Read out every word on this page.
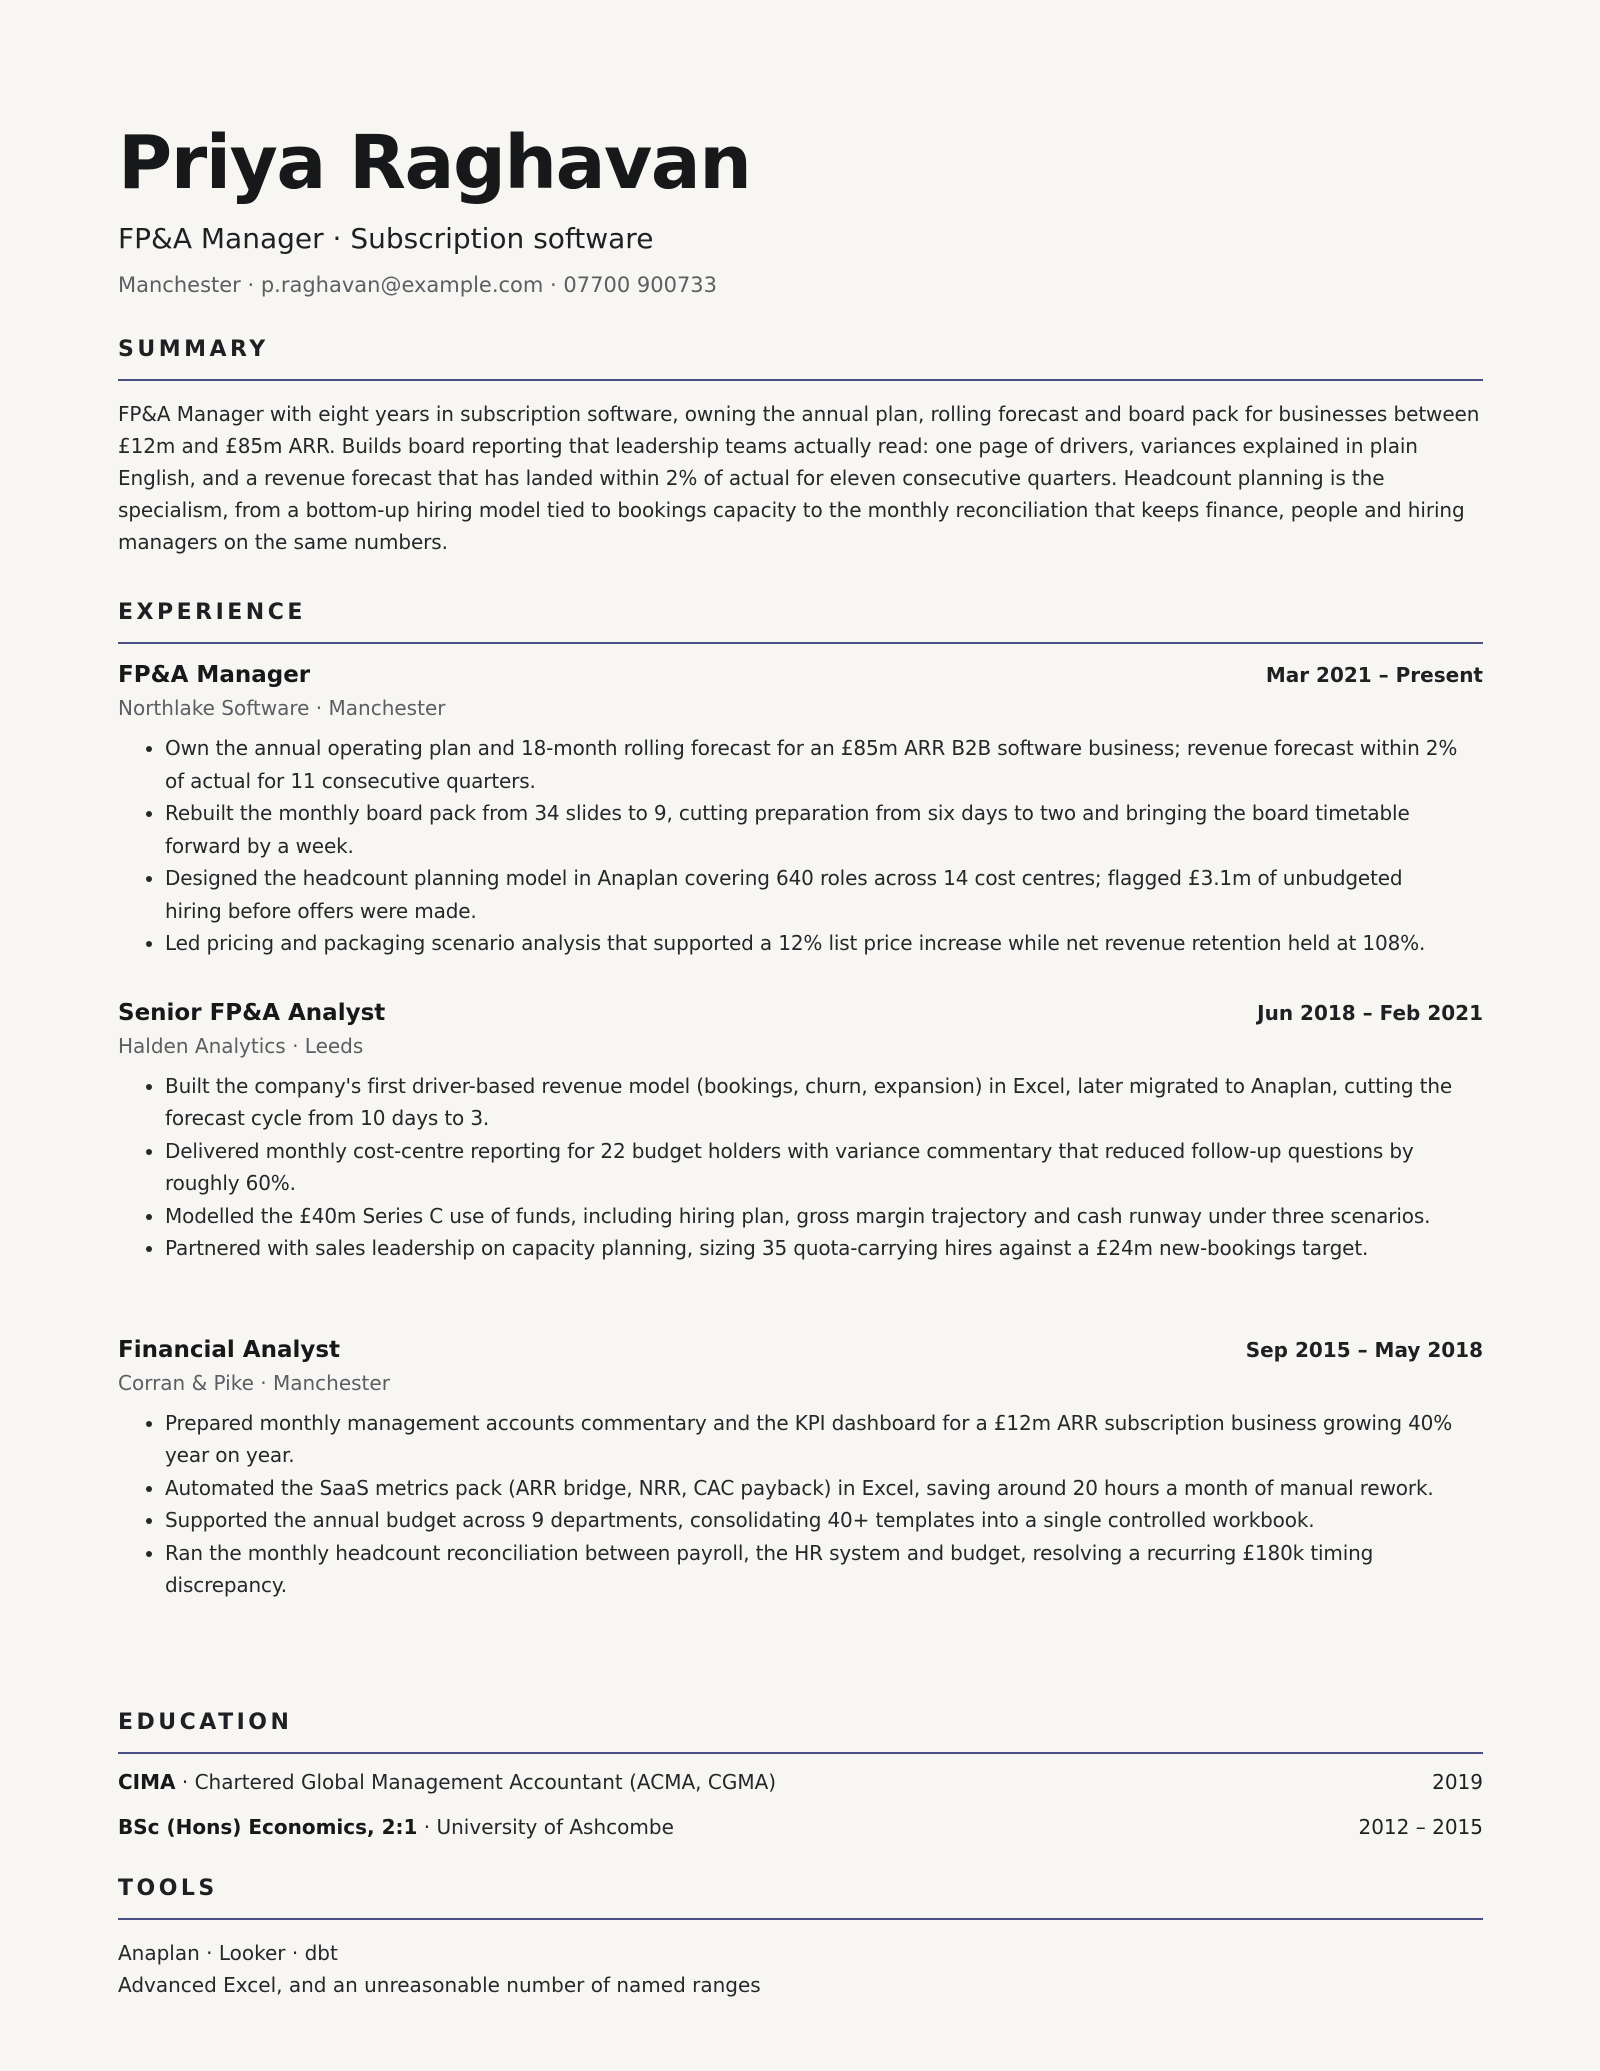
Priya Raghavan
FP&A Manager · Subscription software
Manchester · p.raghavan@example.com · 07700 900733
SUMMARY
FP&A Manager with eight years in subscription software, owning the annual plan, rolling forecast and board pack for businesses between £12m and £85m ARR. Builds board reporting that leadership teams actually read: one page of drivers, variances explained in plain English, and a revenue forecast that has landed within 2% of actual for eleven consecutive quarters. Headcount planning is the specialism, from a bottom-up hiring model tied to bookings capacity to the monthly reconciliation that keeps finance, people and hiring managers on the same numbers.
EXPERIENCE
FP&A Manager	Mar 2021 – Present
Northlake Software · Manchester
• Own the annual operating plan and 18-month rolling forecast for an £85m ARR B2B software business; revenue forecast within 2% of actual for 11 consecutive quarters.
• Rebuilt the monthly board pack from 34 slides to 9, cutting preparation from six days to two and bringing the board timetable forward by a week.
• Designed the headcount planning model in Anaplan covering 640 roles across 14 cost centres; flagged £3.1m of unbudgeted hiring before offers were made.
• Led pricing and packaging scenario analysis that supported a 12% list price increase while net revenue retention held at 108%.
Senior FP&A Analyst	Jun 2018 – Feb 2021
Halden Analytics · Leeds
• Built the company's first driver-based revenue model (bookings, churn, expansion) in Excel, later migrated to Anaplan, cutting the forecast cycle from 10 days to 3.
• Delivered monthly cost-centre reporting for 22 budget holders with variance commentary that reduced follow-up questions by roughly 60%.
• Modelled the £40m Series C use of funds, including hiring plan, gross margin trajectory and cash runway under three scenarios.
• Partnered with sales leadership on capacity planning, sizing 35 quota-carrying hires against a £24m new-bookings target.
Financial Analyst	Sep 2015 – May 2018
Corran & Pike · Manchester
• Prepared monthly management accounts commentary and the KPI dashboard for a £12m ARR subscription business growing 40% year on year.
• Automated the SaaS metrics pack (ARR bridge, NRR, CAC payback) in Excel, saving around 20 hours a month of manual rework.
• Supported the annual budget across 9 departments, consolidating 40+ templates into a single controlled workbook.
• Ran the monthly headcount reconciliation between payroll, the HR system and budget, resolving a recurring £180k timing discrepancy.
EDUCATION
CIMA · Chartered Global Management Accountant (ACMA, CGMA)	2019
BSc (Hons) Economics, 2:1 · University of Ashcombe	2012 – 2015
TOOLS
Anaplan · Looker · dbt
Advanced Excel, and an unreasonable number of named ranges
